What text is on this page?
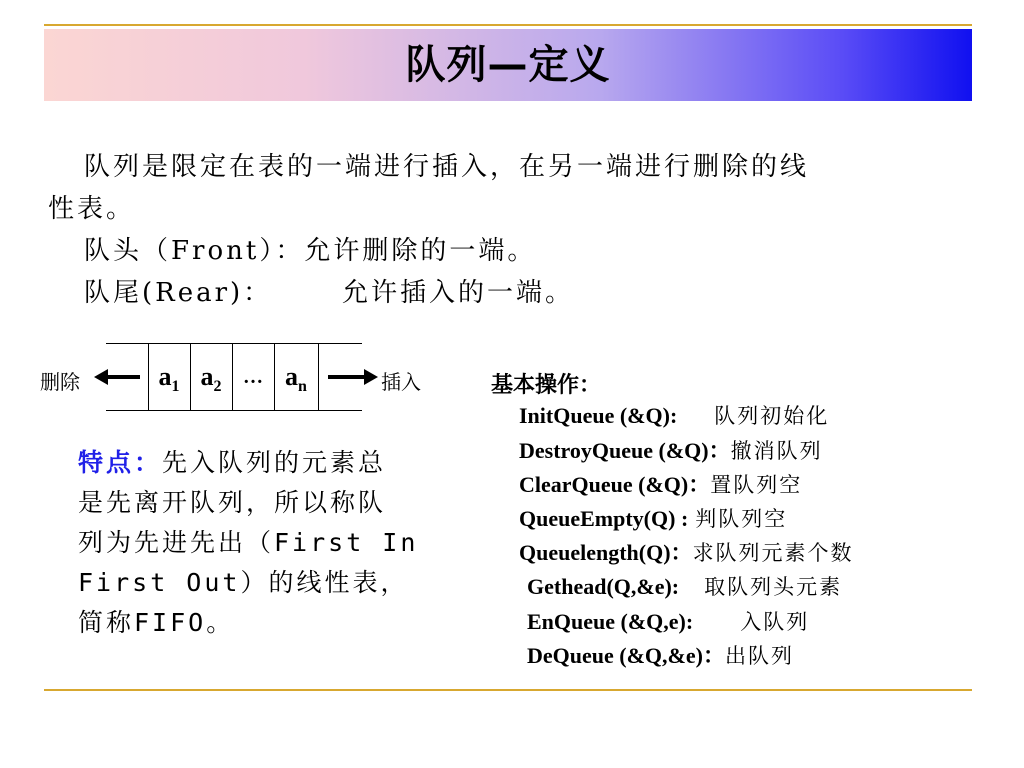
队列—定义
队列是限定在表的一端进行插入，在另一端进行删除的线
性表。
队头（Front）：允许删除的一端。
队尾(Rear)：	允许插入的一端。
删除	$a_1$ $a_2$	… $a_n$	插入
特点：先入队列的元素总
是先离开队列，所以称队
列为先进先出（First In
First Out）的线性表，
简称FIFO。
基本操作：
InitQueue (&Q): 队列初始化
DestroyQueue (&Q)：撤消队列
ClearQueue (&Q)：置队列空
QueueEmpty(Q) : 判队列空
Queuelength(Q)：求队列元素个数
Gethead(Q,&e): 取队列头元素
EnQueue (&Q,e): 入队列
DeQueue (&Q,&e)：出队列
